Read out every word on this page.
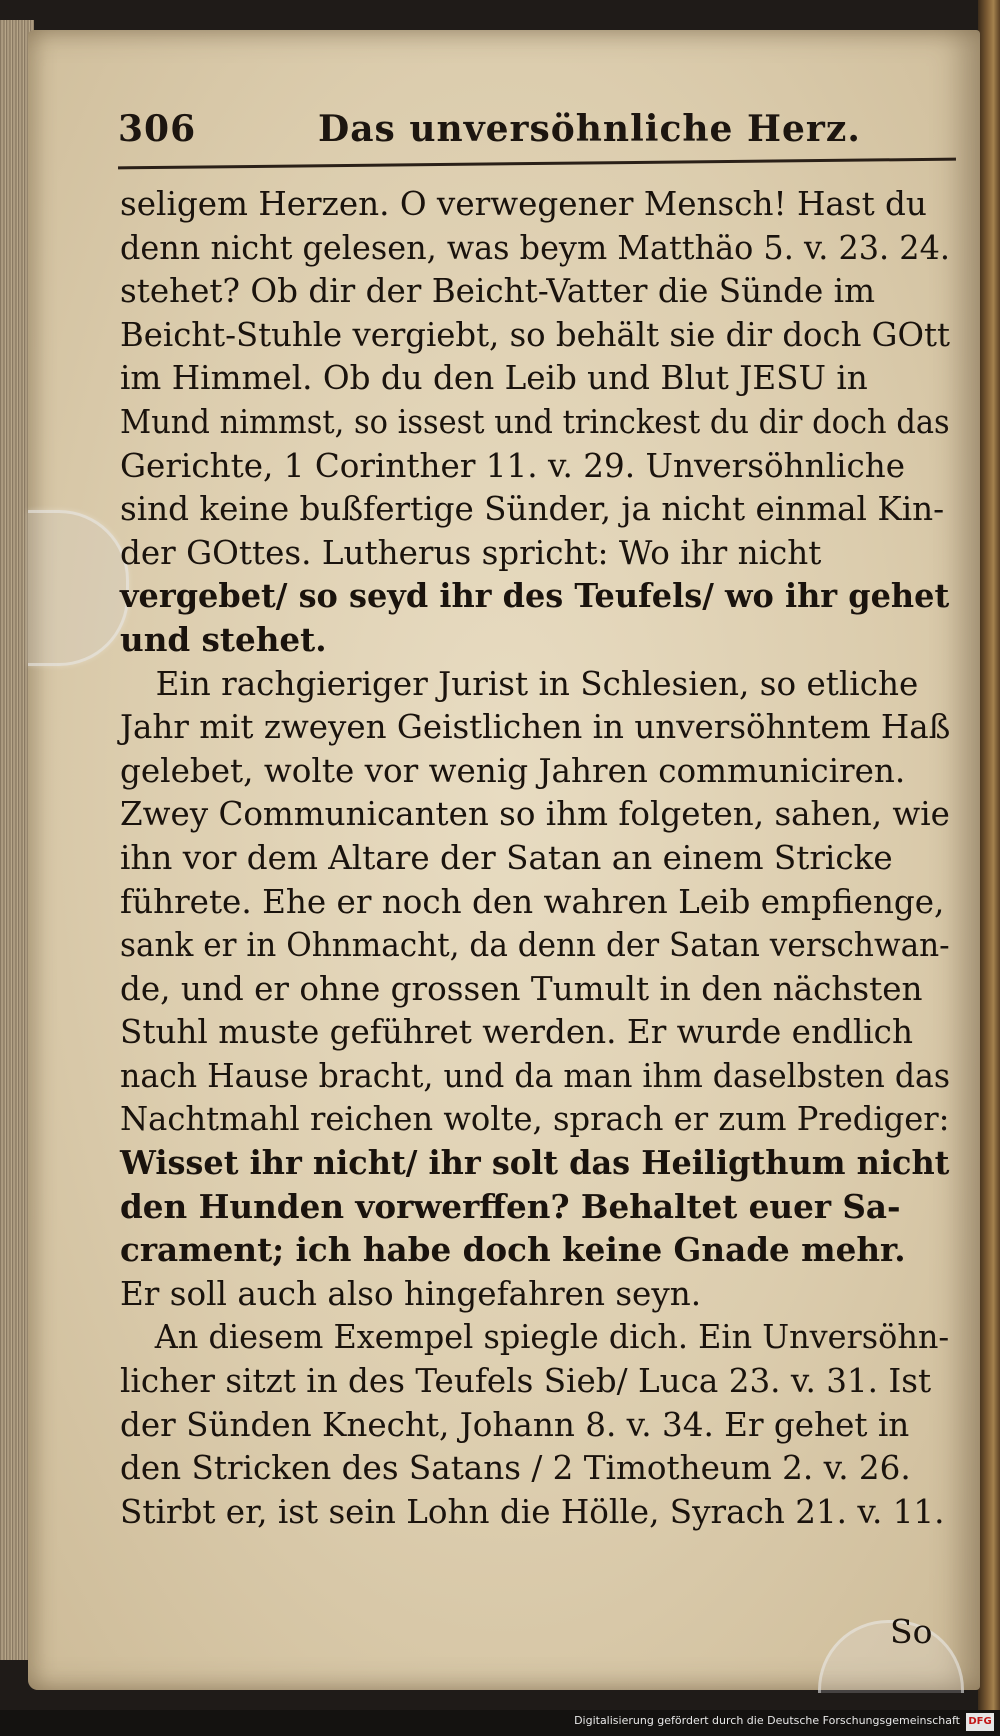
306	Das unversöhnliche Herz.
seligem Herzen. O verwegener Mensch! Hast du
denn nicht gelesen, was beym Matthäo 5. v. 23. 24.
stehet? Ob dir der Beicht-Vatter die Sünde im
Beicht-Stuhle vergiebt, so behält sie dir doch GOtt
im Himmel. Ob du den Leib und Blut JESU in
Mund nimmst, so issest und trinckest du dir doch das
Gerichte, 1 Corinther 11. v. 29. Unversöhnliche
sind keine bußfertige Sünder, ja nicht einmal Kin-
der GOttes. Lutherus spricht: Wo ihr nicht
vergebet/ so seyd ihr des Teufels/ wo ihr gehet
und stehet.
Ein rachgieriger Jurist in Schlesien, so etliche
Jahr mit zweyen Geistlichen in unversöhntem Haß
gelebet, wolte vor wenig Jahren communiciren.
Zwey Communicanten so ihm folgeten, sahen, wie
ihn vor dem Altare der Satan an einem Stricke
führete. Ehe er noch den wahren Leib empfienge,
sank er in Ohnmacht, da denn der Satan verschwan-
de, und er ohne grossen Tumult in den nächsten
Stuhl muste geführet werden. Er wurde endlich
nach Hause bracht, und da man ihm daselbsten das
Nachtmahl reichen wolte, sprach er zum Prediger:
Wisset ihr nicht/ ihr solt das Heiligthum nicht
den Hunden vorwerffen? Behaltet euer Sa-
crament; ich habe doch keine Gnade mehr.
Er soll auch also hingefahren seyn.
An diesem Exempel spiegle dich. Ein Unversöhn-
licher sitzt in des Teufels Sieb/ Luca 23. v. 31. Ist
der Sünden Knecht, Johann 8. v. 34. Er gehet in
den Stricken des Satans / 2 Timotheum 2. v. 26.
Stirbt er, ist sein Lohn die Hölle, Syrach 21. v. 11.
So
Digitalisierung gefördert durch die Deutsche Forschungsgemeinschaft DFG
